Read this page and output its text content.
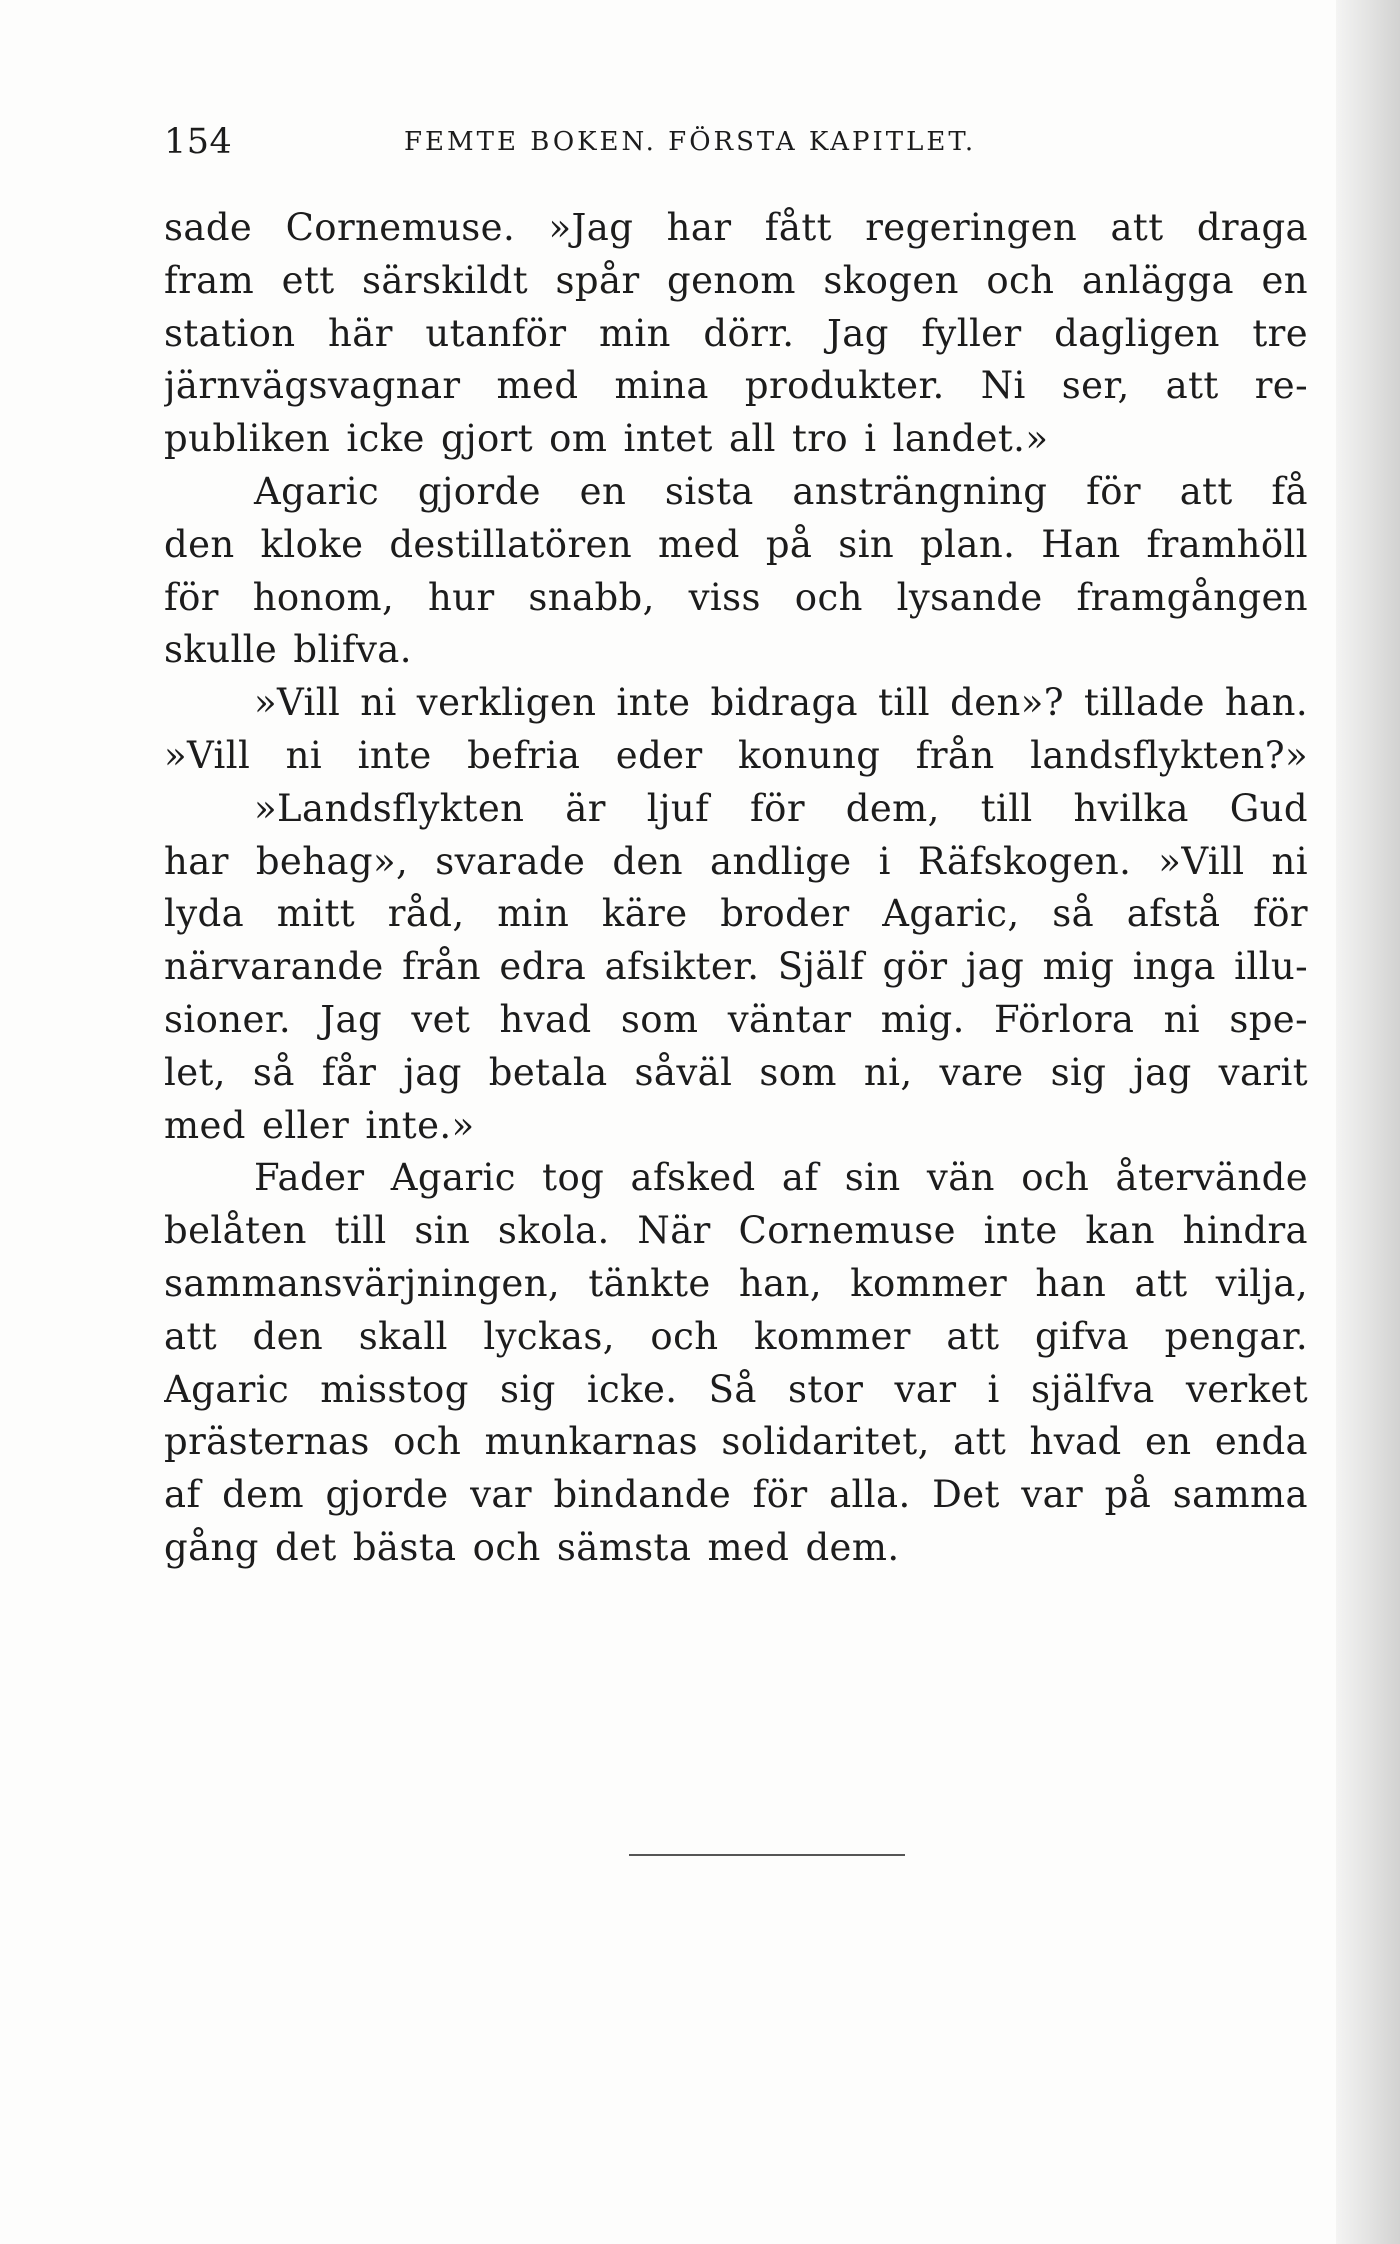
154	FEMTE BOKEN. FÖRSTA KAPITLET.
sade Cornemuse. »Jag har fått regeringen att draga
fram ett särskildt spår genom skogen och anlägga en
station här utanför min dörr. Jag fyller dagligen tre
järnvägsvagnar med mina produkter. Ni ser, att re-
publiken icke gjort om intet all tro i landet.»
Agaric gjorde en sista ansträngning för att få
den kloke destillatören med på sin plan. Han framhöll
för honom, hur snabb, viss och lysande framgången
skulle blifva.
»Vill ni verkligen inte bidraga till den»? tillade han.
»Vill ni inte befria eder konung från landsflykten?»
»Landsflykten är ljuf för dem, till hvilka Gud
har behag», svarade den andlige i Räfskogen. »Vill ni
lyda mitt råd, min käre broder Agaric, så afstå för
närvarande från edra afsikter. Själf gör jag mig inga illu-
sioner. Jag vet hvad som väntar mig. Förlora ni spe-
let, så får jag betala såväl som ni, vare sig jag varit
med eller inte.»
Fader Agaric tog afsked af sin vän och återvände
belåten till sin skola. När Cornemuse inte kan hindra
sammansvärjningen, tänkte han, kommer han att vilja,
att den skall lyckas, och kommer att gifva pengar.
Agaric misstog sig icke. Så stor var i själfva verket
prästernas och munkarnas solidaritet, att hvad en enda
af dem gjorde var bindande för alla. Det var på samma
gång det bästa och sämsta med dem.
